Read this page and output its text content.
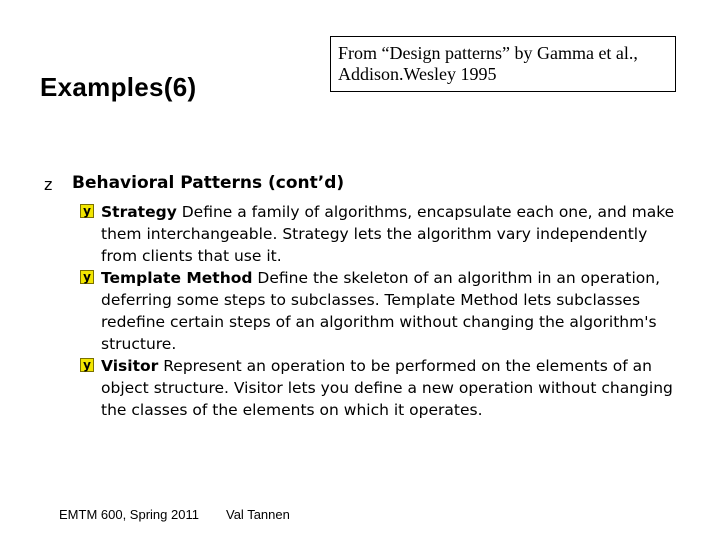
Examples(6)
From “Design patterns” by Gamma et al., Addison.Wesley 1995
z Behavioral Patterns (cont’d)
y Strategy Define a family of algorithms, encapsulate each one, and make them interchangeable. Strategy lets the algorithm vary independently from clients that use it.
y Template Method Define the skeleton of an algorithm in an operation, deferring some steps to subclasses. Template Method lets subclasses redefine certain steps of an algorithm without changing the algorithm's structure.
y Visitor Represent an operation to be performed on the elements of an object structure. Visitor lets you define a new operation without changing the classes of the elements on which it operates.
EMTM 600, Spring 2011 Val Tannen
